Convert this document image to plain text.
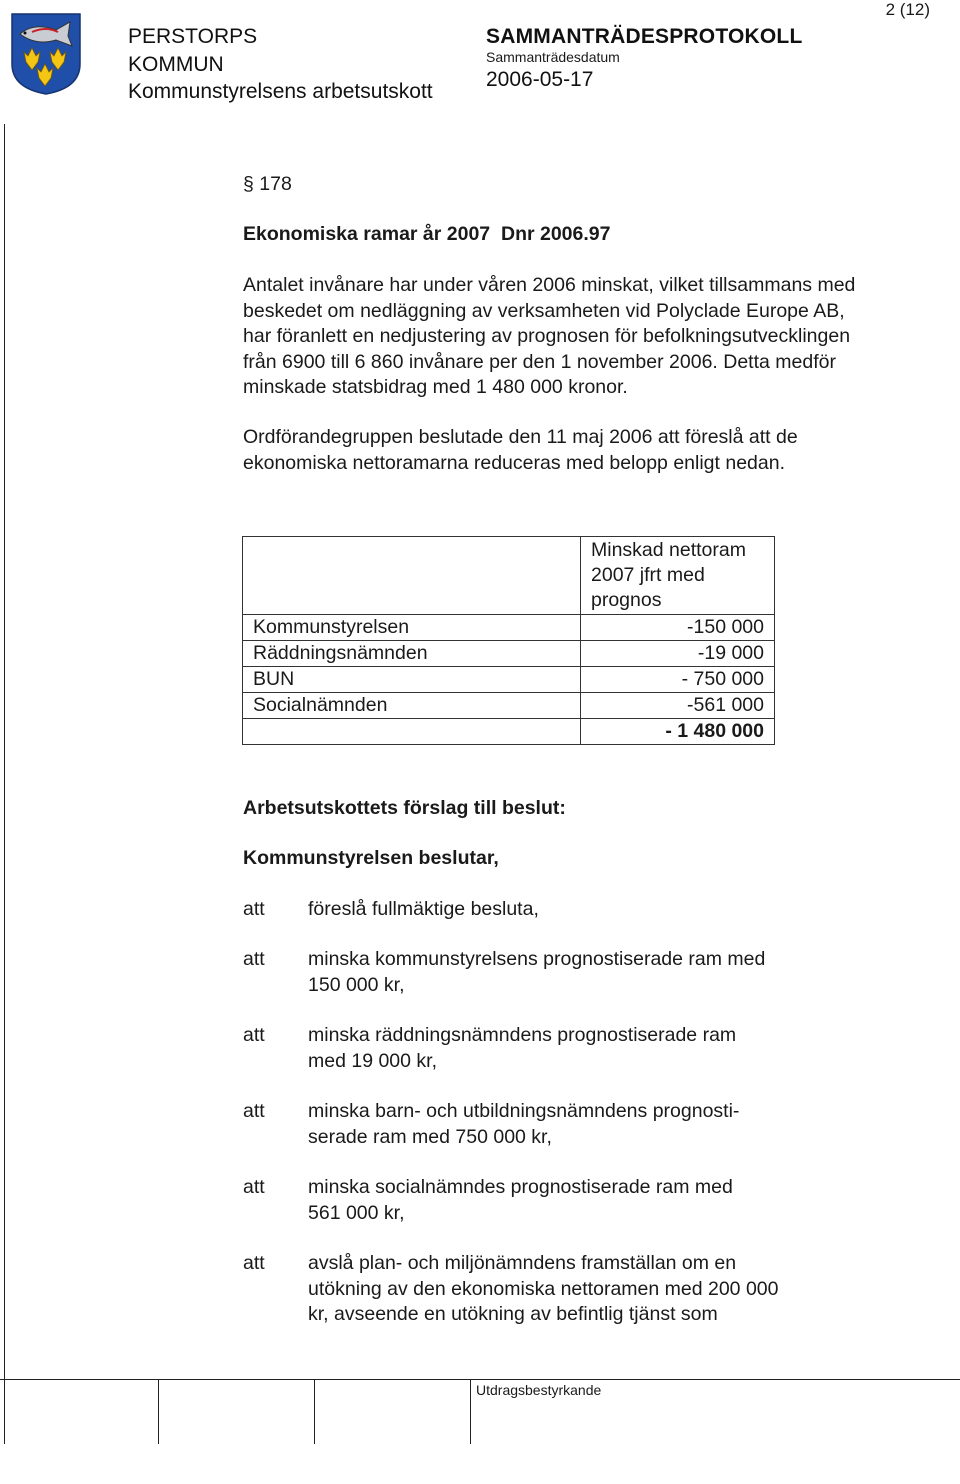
PERSTORPS
KOMMUN
Kommunstyrelsens arbetsutskott
SAMMANTRÄDESPROTOKOLL
Sammanträdesdatum
2006-05-17
2 (12)
§ 178
Ekonomiska ramar år 2007  Dnr 2006.97
Antalet invånare har under våren 2006 minskat, vilket tillsammans med
beskedet om nedläggning av verksamheten vid Polyclade Europe AB,
har föranlett en nedjustering av prognosen för befolkningsutvecklingen
från 6900 till 6 860 invånare per den 1 november 2006. Detta medför
minskade statsbidrag med 1 480 000 kronor.
Ordförandegruppen beslutade den 11 maj 2006 att föreslå att de
ekonomiska nettoramarna reduceras med belopp enligt nedan.

	Minskad nettoram
2007 jfrt med
prognos

Kommunstyrelsen	-150 000
Räddningsnämnden	-19 000
BUN	- 750 000
Socialnämnden	-561 000
	- 1 480 000
Arbetsutskottets förslag till beslut:
Kommunstyrelsen beslutar,
att föreslå fullmäktige besluta,
att minska kommunstyrelsens prognostiserade ram med
150 000 kr,
att minska räddningsnämndens prognostiserade ram
med 19 000 kr,
att minska barn- och utbildningsnämndens prognosti-
serade ram med 750 000 kr,
att minska socialnämndes prognostiserade ram med
561 000 kr,
att avslå plan- och miljönämndens framställan om en
utökning av den ekonomiska nettoramen med 200 000
kr, avseende en utökning av befintlig tjänst som
Utdragsbestyrkande
